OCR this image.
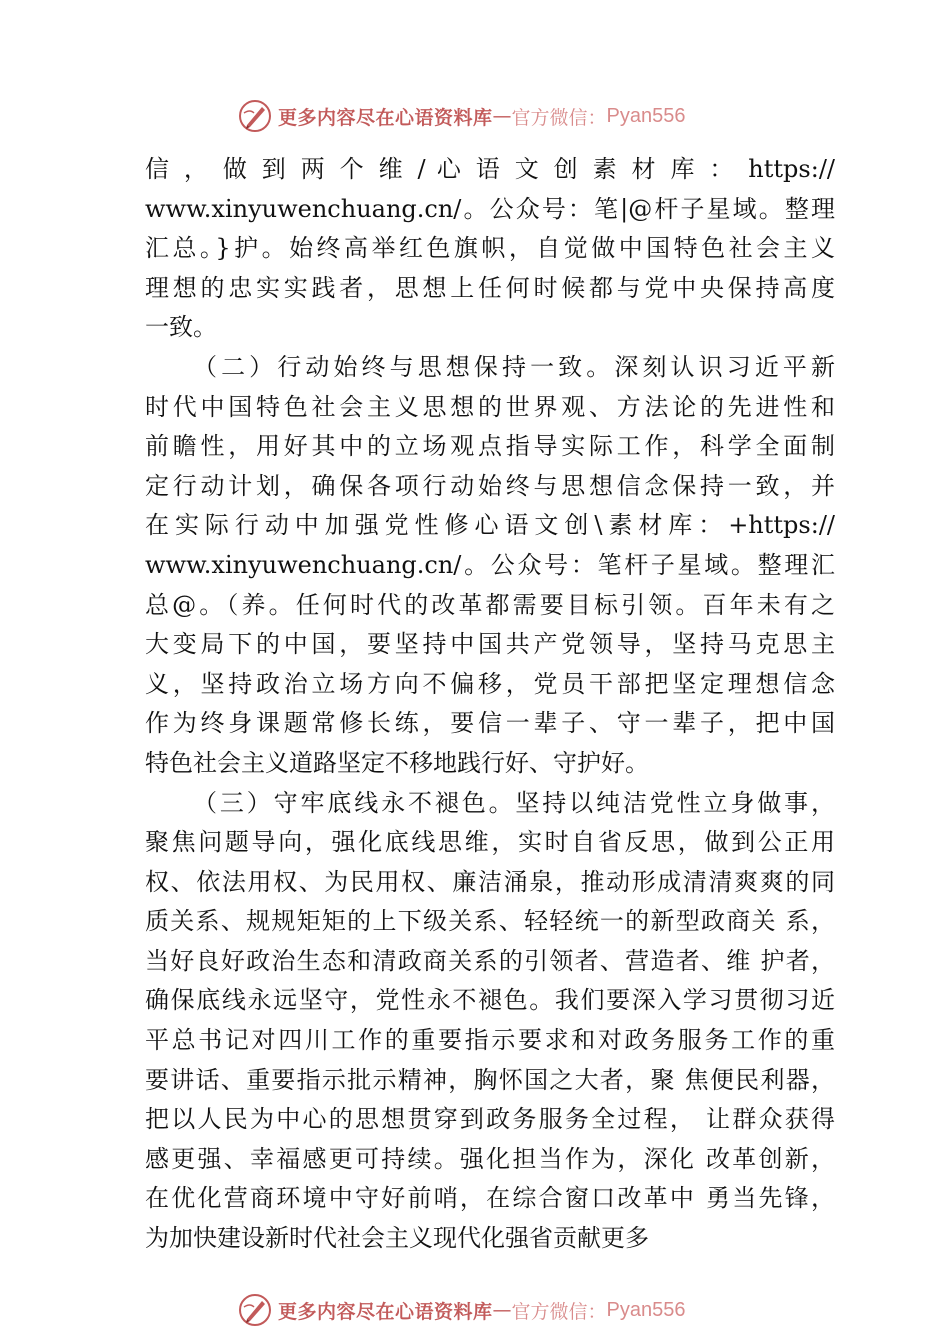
更多内容尽在心语资料库 — 官方微信： Pyan556
信 ， 做 到 两 个 维 / 心 语 文 创 素 材 库 ： https://
www.xinyuwenchuang.cn/。公众号：笔|@杆子星域。整理
汇总。}护。始终高举红色旗帜，自觉做中国特色社会主义
理想的忠实实践者，思想上任何时候都与党中央保持高度
一致。
（二）行动始终与思想保持一致。深刻认识习近平新
时代中国特色社会主义思想的世界观、方法论的先进性和
前瞻性，用好其中的立场观点指导实际工作，科学全面制
定行动计划，确保各项行动始终与思想信念保持一致，并
在实际行动中加强党性修心语文创\素材库：+https://
www.xinyuwenchuang.cn/。公众号：笔杆子星域。整理汇
总@。（养。任何时代的改革都需要目标引领。百年未有之
大变局下的中国，要坚持中国共产党领导，坚持马克思主
义，坚持政治立场方向不偏移，党员干部把坚定理想信念
作为终身课题常修长练，要信一辈子、守一辈子，把中国
特色社会主义道路坚定不移地践行好、守护好。
（三）守牢底线永不褪色。坚持以纯洁党性立身做事，
聚焦问题导向，强化底线思维，实时自省反思，做到公正用
权、依法用权、为民用权、廉洁涌泉，推动形成清清爽爽的同
质关系、规规矩矩的上下级关系、轻轻统一的新型政商关 系，
当好良好政治生态和清政商关系的引领者、营造者、维 护者，
确保底线永远坚守，党性永不褪色。我们要深入学习贯彻习近
平总书记对四川工作的重要指示要求和对政务服务工作的重
要讲话、重要指示批示精神，胸怀国之大者，聚 焦便民利器，
把以人民为中心的思想贯穿到政务服务全过程， 让群众获得
感更强、幸福感更可持续。强化担当作为，深化 改革创新，
在优化营商环境中守好前哨，在综合窗口改革中 勇当先锋，
为加快建设新时代社会主义现代化强省贡献更多
更多内容尽在心语资料库 — 官方微信： Pyan556
